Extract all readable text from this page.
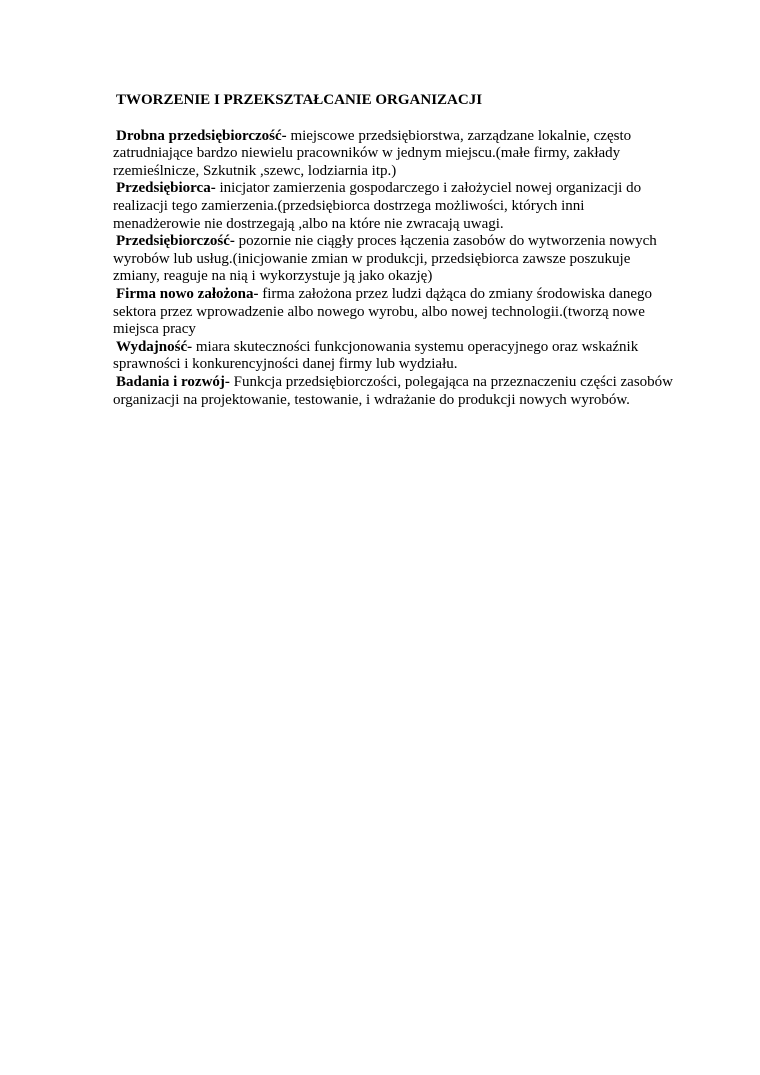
TWORZENIE I PRZEKSZTAŁCANIE ORGANIZACJI

Drobna przedsiębiorczość- miejscowe przedsiębiorstwa, zarządzane lokalnie, często zatrudniające bardzo niewielu pracowników w jednym miejscu.(małe firmy, zakłady rzemieślnicze, Szkutnik ,szewc, lodziarnia itp.)

Przedsiębiorca- inicjator zamierzenia gospodarczego i założyciel nowej organizacji do realizacji tego zamierzenia.(przedsiębiorca dostrzega możliwości, których inni menadżerowie nie dostrzegają ,albo na które nie zwracają uwagi.

Przedsiębiorczość- pozornie nie ciągły proces łączenia zasobów do wytworzenia nowych wyrobów lub usług.(inicjowanie zmian w produkcji, przedsiębiorca zawsze poszukuje zmiany, reaguje na nią i wykorzystuje ją jako okazję)

Firma nowo założona- firma założona przez ludzi dążąca do zmiany środowiska danego sektora przez wprowadzenie albo nowego wyrobu, albo nowej technologii.(tworzą nowe miejsca pracy

Wydajność- miara skuteczności funkcjonowania systemu operacyjnego oraz wskaźnik sprawności i konkurencyjności danej firmy lub wydziału.

Badania i rozwój- Funkcja przedsiębiorczości, polegająca na przeznaczeniu części zasobów organizacji na projektowanie, testowanie, i wdrażanie do produkcji nowych wyrobów.
